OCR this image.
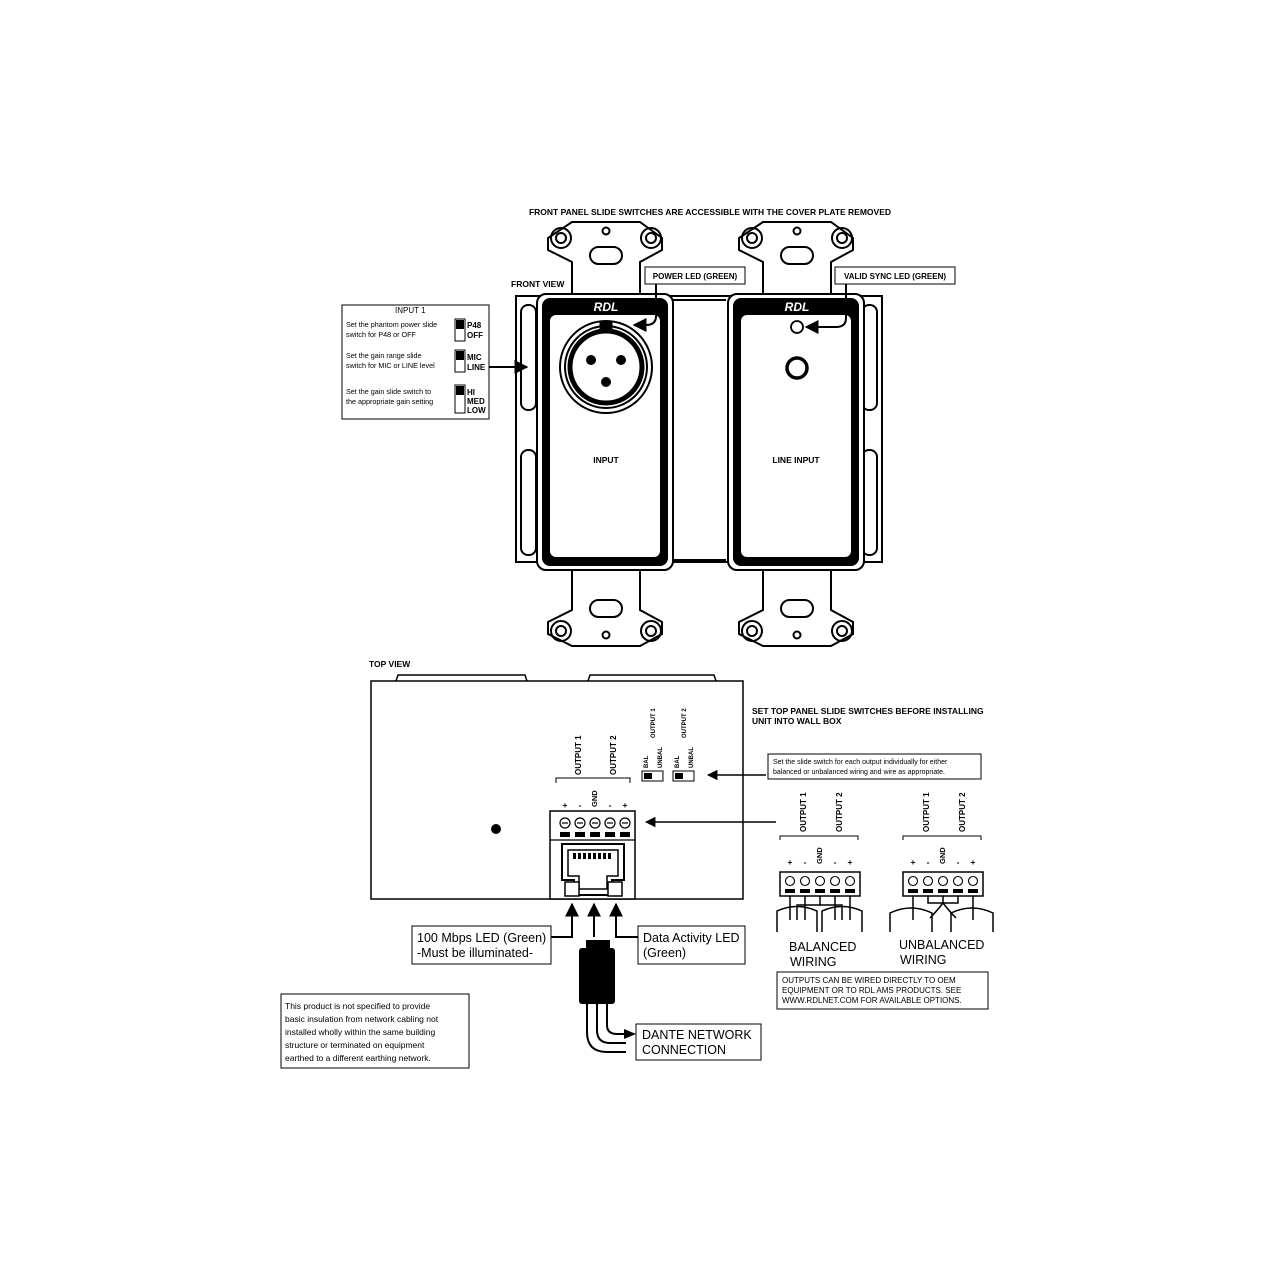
FRONT PANEL SLIDE SWITCHES ARE ACCESSIBLE WITH THE COVER PLATE REMOVED
RDL
INPUT
RDL
LINE INPUT
FRONT VIEW
POWER LED (GREEN)	VALID SYNC LED (GREEN)
INPUT 1
Set the phantom power slide
switch for P48 or OFF
P48
OFF
Set the gain range slide
switch for MIC or LINE level
MIC
LINE
Set the gain slide switch to
the appropriate gain setting
HI
MED
LOW
TOP VIEW
OUTPUT 1	OUTPUT 2
+ - GND - +
OUTPUT 1	OUTPUT 2
BAL UNBAL BAL UNBAL
SET TOP PANEL SLIDE SWITCHES BEFORE INSTALLING
UNIT INTO WALL BOX
Set the slide switch for each output individually for either
balanced or unbalanced wiring and wire as appropriate.
OUTPUT 1	OUTPUT 2
+ - GND - +
BALANCED
WIRING
OUTPUT 1	OUTPUT 2
+ - GND - +
UNBALANCED
WIRING
OUTPUTS CAN BE WIRED DIRECTLY TO OEM
EQUIPMENT OR TO RDL AMS PRODUCTS. SEE
WWW.RDLNET.COM FOR AVAILABLE OPTIONS.
100 Mbps LED (Green)
-Must be illuminated-
Data Activity LED
(Green)
DANTE NETWORK
CONNECTION
This product is not specified to provide
basic insulation from network cabling not
installed wholly within the same building
structure or terminated on equipment
earthed to a different earthing network.
